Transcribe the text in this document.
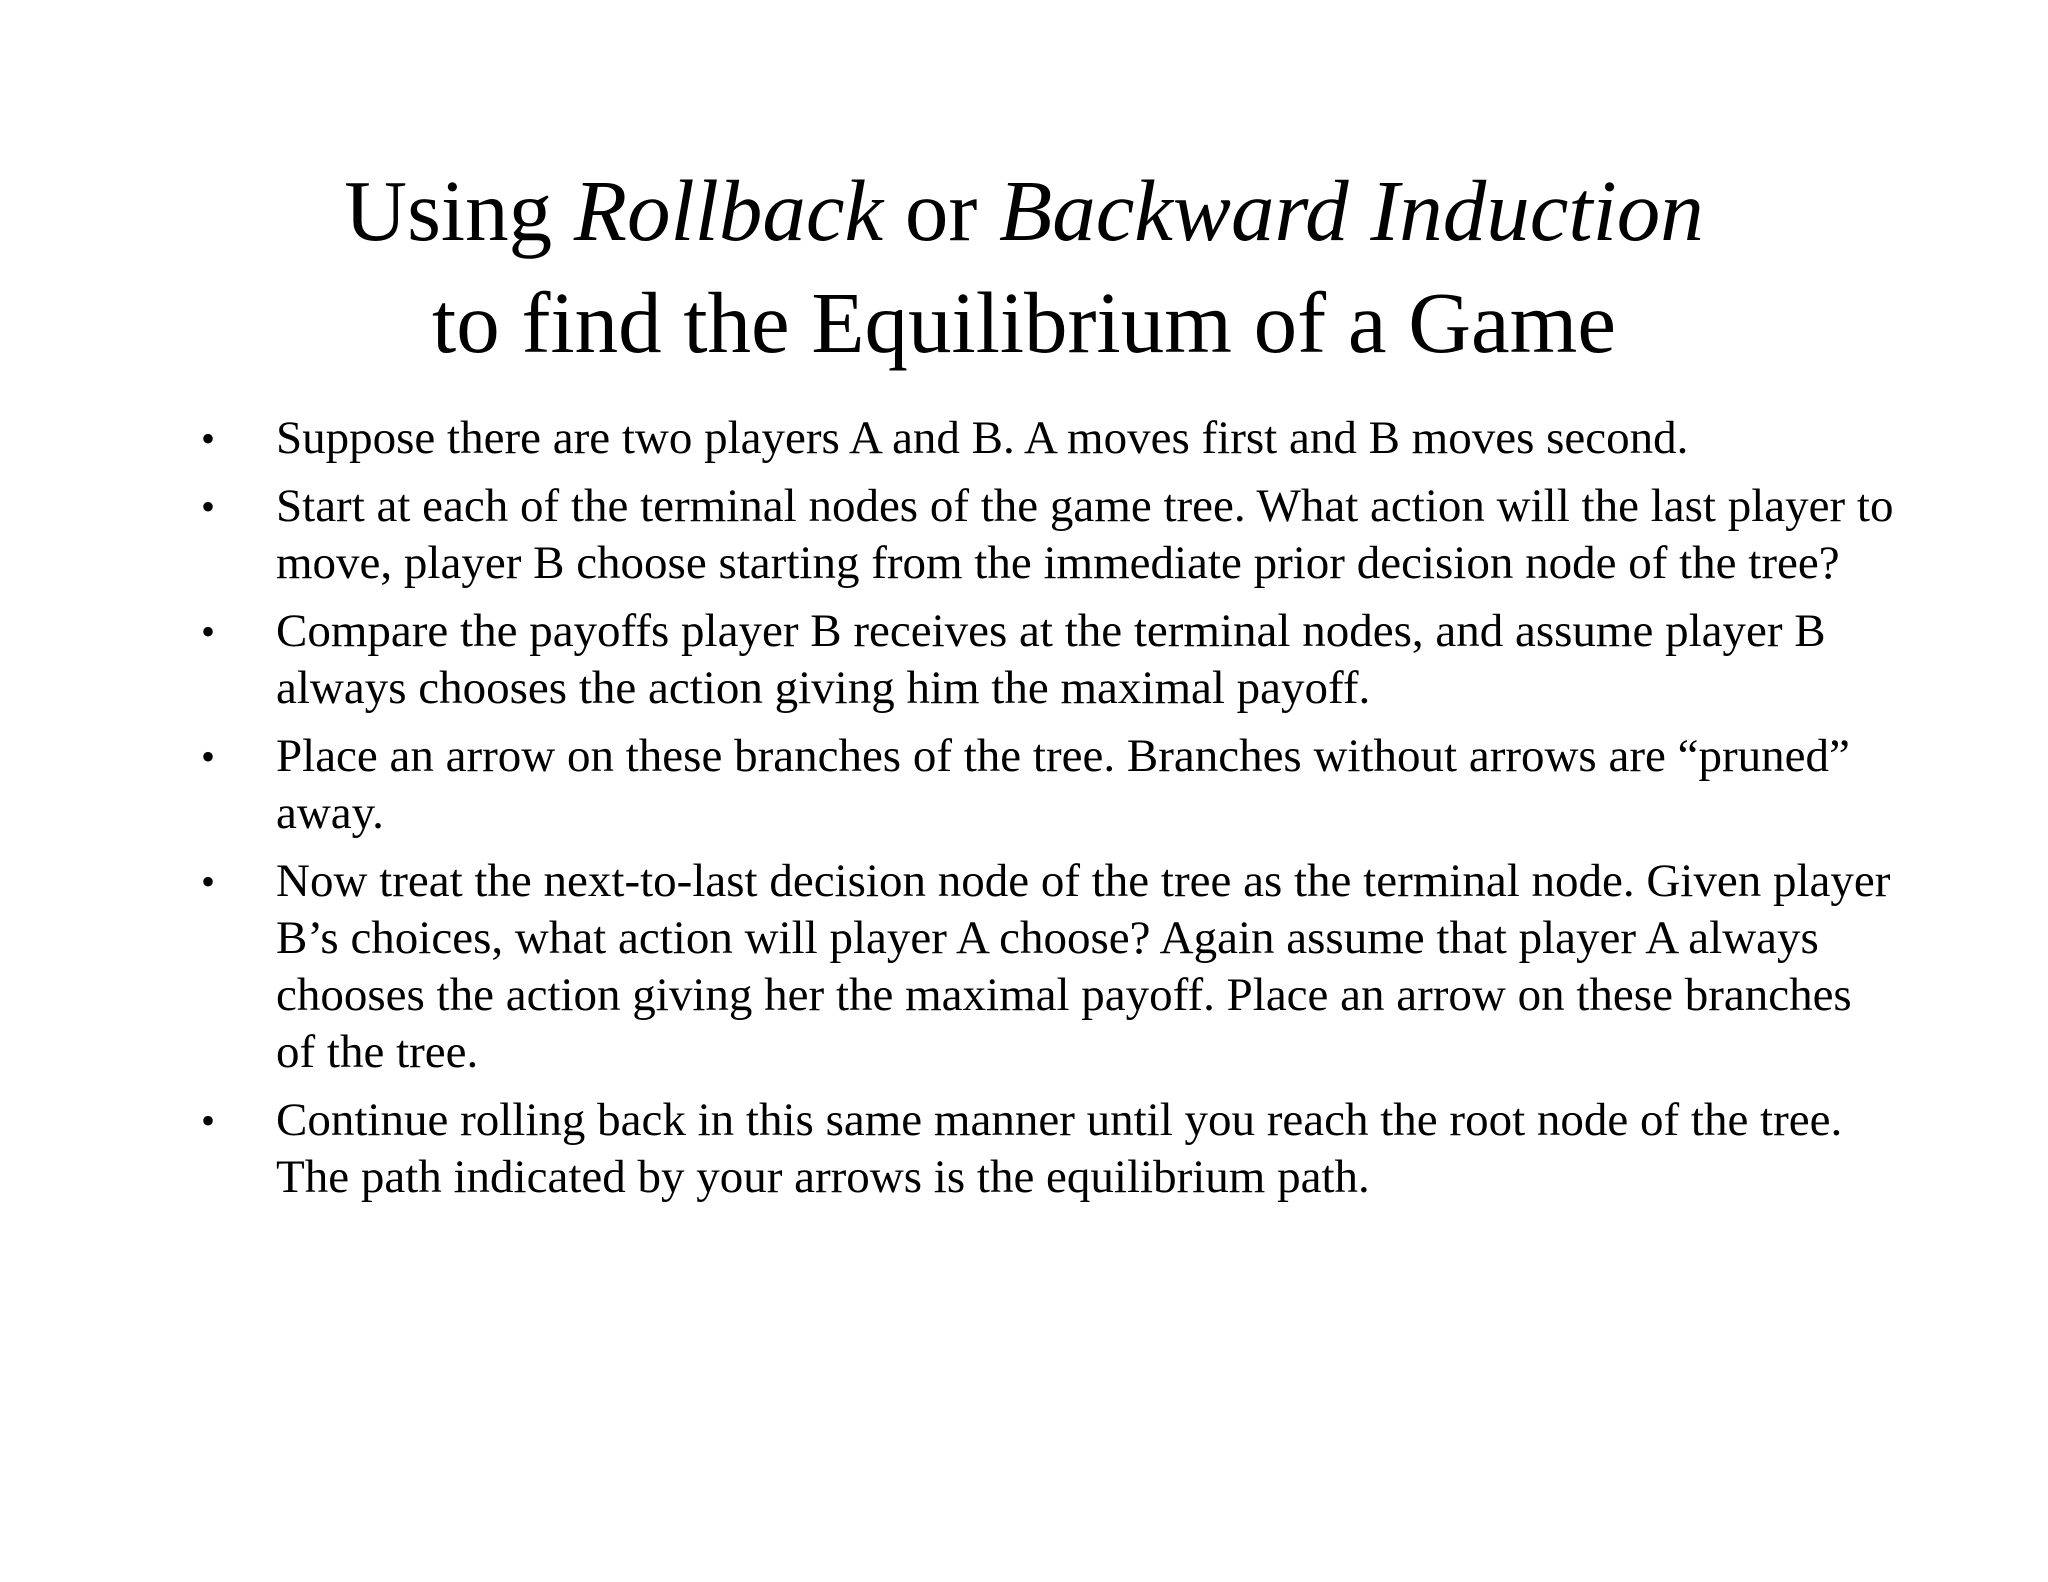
Using Rollback or Backward Induction
to find the Equilibrium of a Game
• Suppose there are two players A and B. A moves first and B moves second.
• Start at each of the terminal nodes of the game tree. What action will the last player to move, player B choose starting from the immediate prior decision node of the tree?
• Compare the payoffs player B receives at the terminal nodes, and assume player B always chooses the action giving him the maximal payoff.
• Place an arrow on these branches of the tree. Branches without arrows are “pruned” away.
• Now treat the next-to-last decision node of the tree as the terminal node. Given player B’s choices, what action will player A choose? Again assume that player A always chooses the action giving her the maximal payoff. Place an arrow on these branches of the tree.
• Continue rolling back in this same manner until you reach the root node of the tree. The path indicated by your arrows is the equilibrium path.
